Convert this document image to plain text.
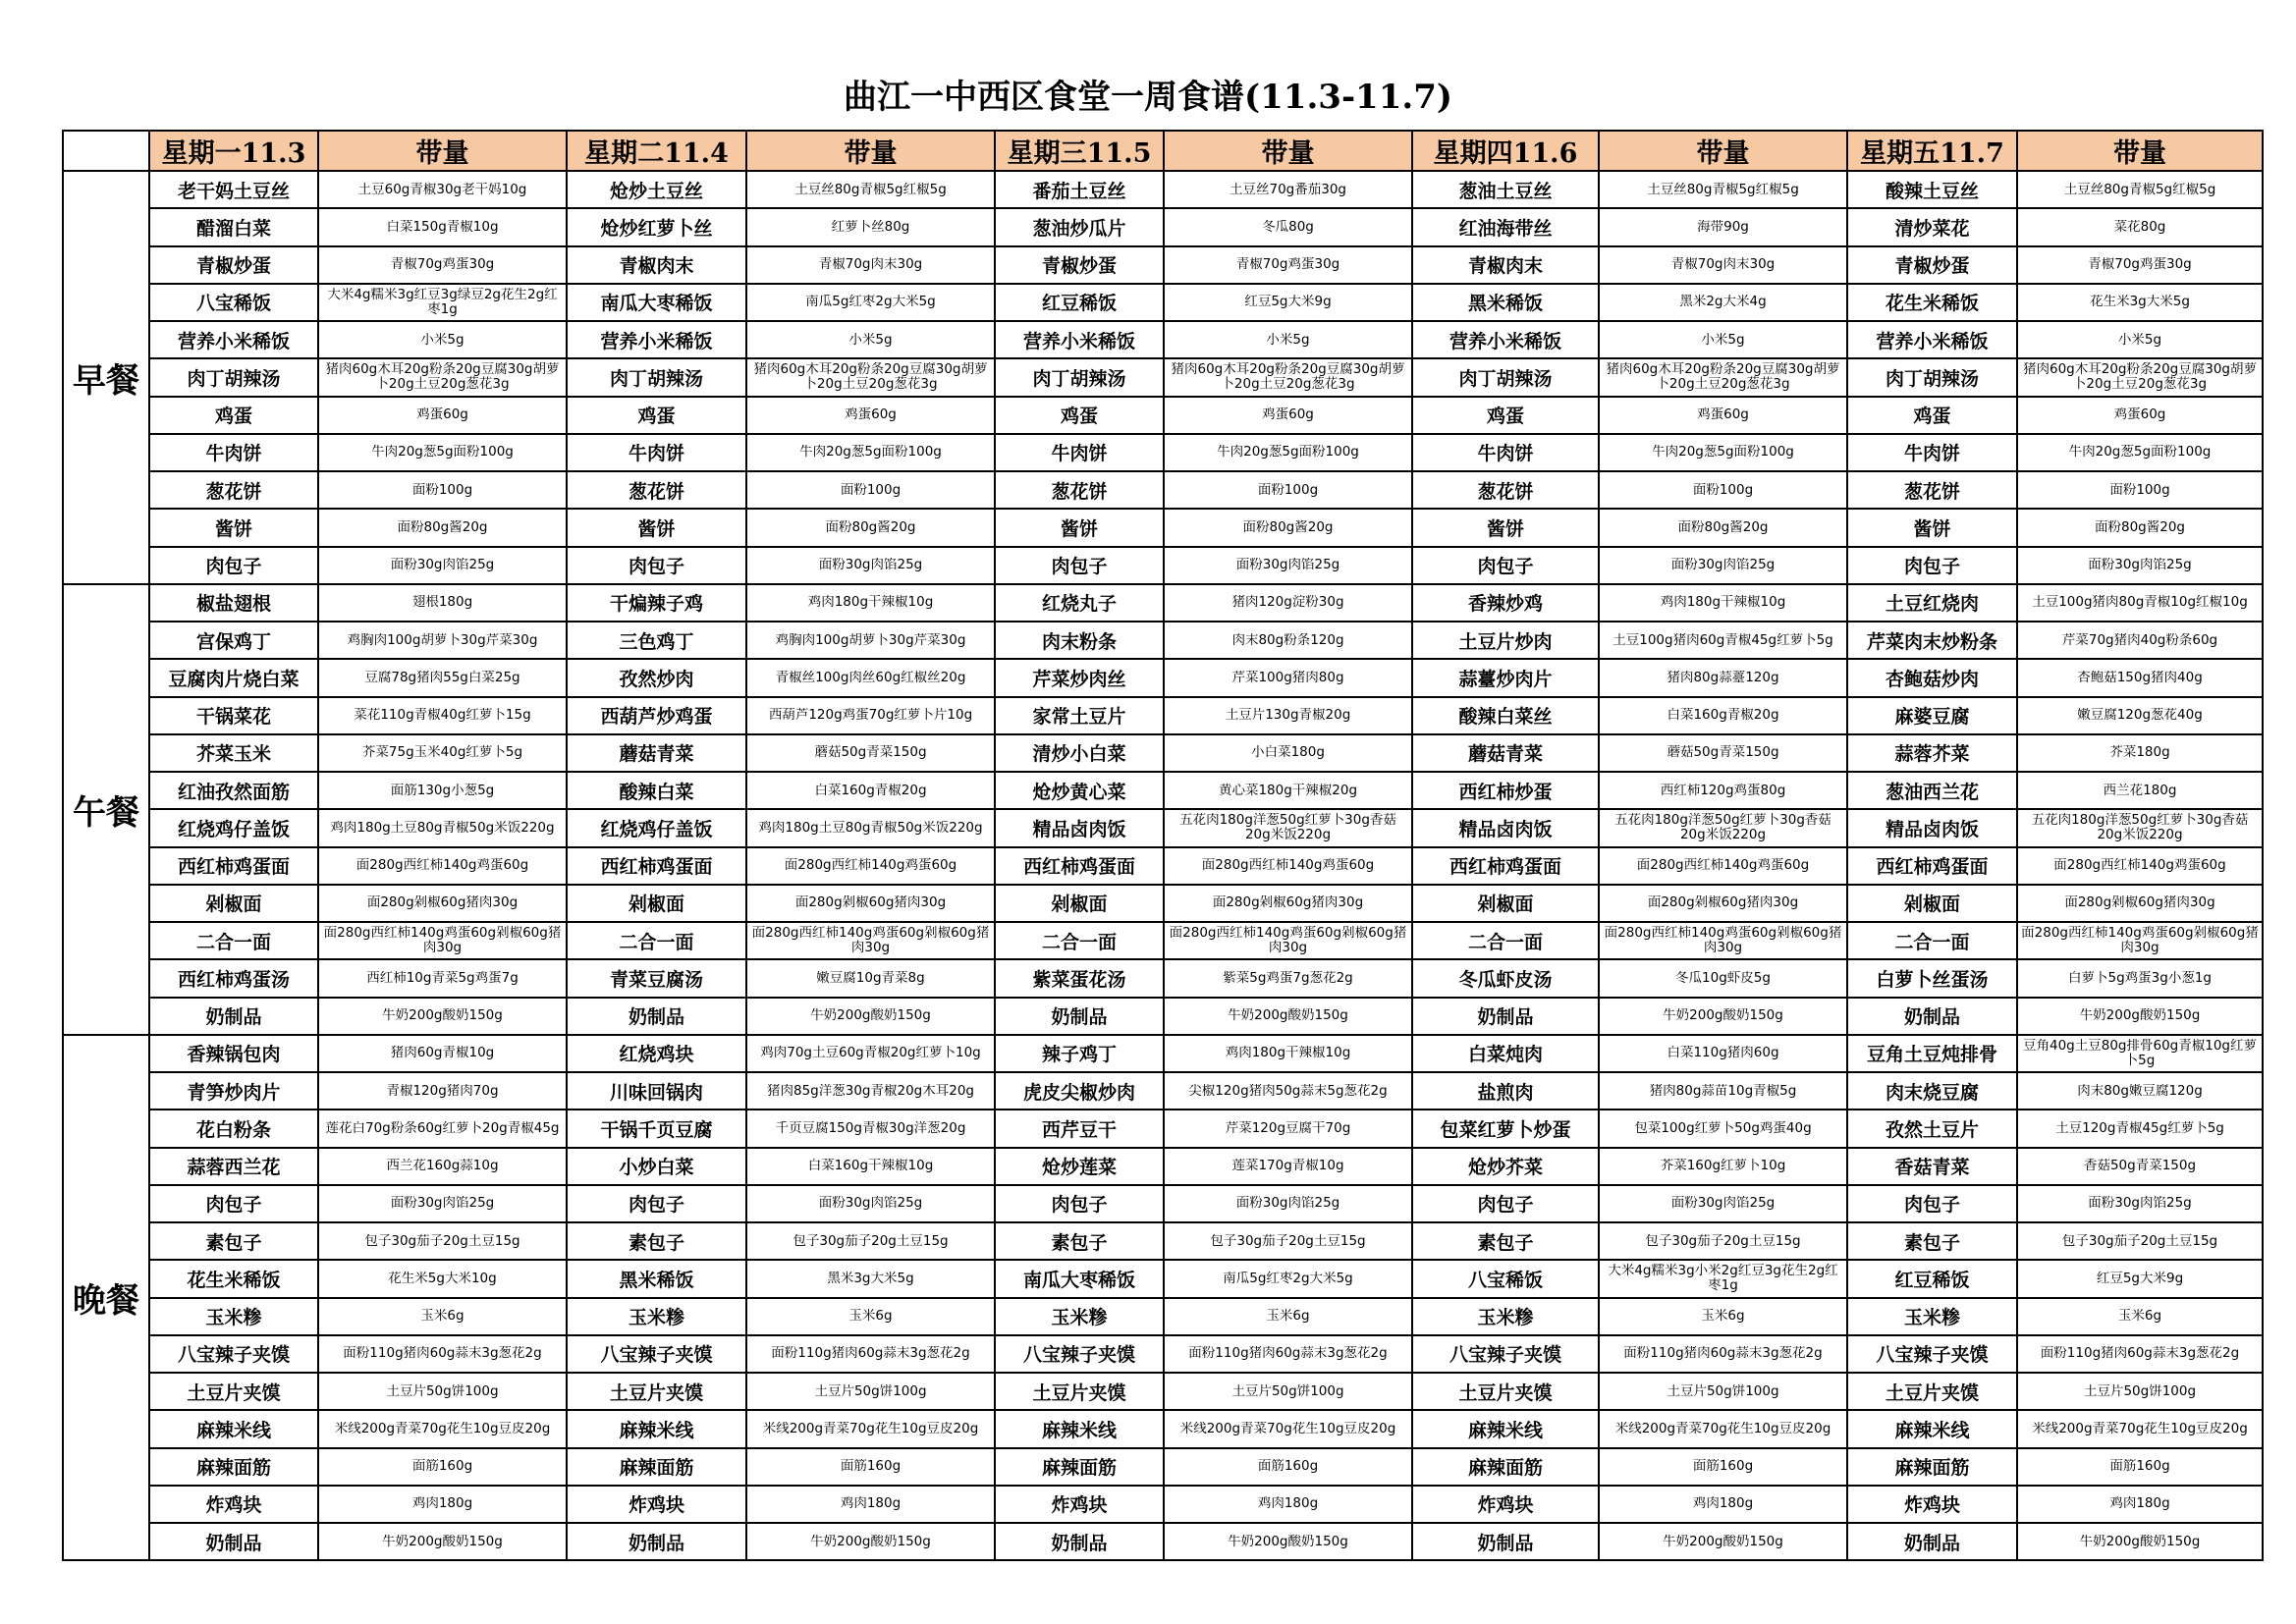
曲江一中西区食堂一周食谱(11.3-11.7)
	星期一11.3	带量	星期二11.4	带量	星期三11.5	带量	星期四11.6	带量	星期五11.7	带量
早餐	老干妈土豆丝	土豆60g青椒30g老干妈10g	炝炒土豆丝	土豆丝80g青椒5g红椒5g	番茄土豆丝	土豆丝70g番茄30g	葱油土豆丝	土豆丝80g青椒5g红椒5g	酸辣土豆丝	土豆丝80g青椒5g红椒5g

	醋溜白菜	白菜150g青椒10g	炝炒红萝卜丝	红萝卜丝80g	葱油炒瓜片	冬瓜80g	红油海带丝	海带90g	清炒菜花	菜花80g

	青椒炒蛋	青椒70g鸡蛋30g	青椒肉末	青椒70g肉末30g	青椒炒蛋	青椒70g鸡蛋30g	青椒肉末	青椒70g肉末30g	青椒炒蛋	青椒70g鸡蛋30g

	八宝稀饭	大米4g糯米3g红豆3g绿豆2g花生2g红枣1g	南瓜大枣稀饭	南瓜5g红枣2g大米5g	红豆稀饭	红豆5g大米9g	黑米稀饭	黑米2g大米4g	花生米稀饭	花生米3g大米5g

	营养小米稀饭	小米5g	营养小米稀饭	小米5g	营养小米稀饭	小米5g	营养小米稀饭	小米5g	营养小米稀饭	小米5g

	肉丁胡辣汤	猪肉60g木耳20g粉条20g豆腐30g胡萝卜20g土豆20g葱花3g	肉丁胡辣汤	猪肉60g木耳20g粉条20g豆腐30g胡萝卜20g土豆20g葱花3g	肉丁胡辣汤	猪肉60g木耳20g粉条20g豆腐30g胡萝卜20g土豆20g葱花3g	肉丁胡辣汤	猪肉60g木耳20g粉条20g豆腐30g胡萝卜20g土豆20g葱花3g	肉丁胡辣汤	猪肉60g木耳20g粉条20g豆腐30g胡萝卜20g土豆20g葱花3g

	鸡蛋	鸡蛋60g	鸡蛋	鸡蛋60g	鸡蛋	鸡蛋60g	鸡蛋	鸡蛋60g	鸡蛋	鸡蛋60g

	牛肉饼	牛肉20g葱5g面粉100g	牛肉饼	牛肉20g葱5g面粉100g	牛肉饼	牛肉20g葱5g面粉100g	牛肉饼	牛肉20g葱5g面粉100g	牛肉饼	牛肉20g葱5g面粉100g

	葱花饼	面粉100g	葱花饼	面粉100g	葱花饼	面粉100g	葱花饼	面粉100g	葱花饼	面粉100g

	酱饼	面粉80g酱20g	酱饼	面粉80g酱20g	酱饼	面粉80g酱20g	酱饼	面粉80g酱20g	酱饼	面粉80g酱20g

	肉包子	面粉30g肉馅25g	肉包子	面粉30g肉馅25g	肉包子	面粉30g肉馅25g	肉包子	面粉30g肉馅25g	肉包子	面粉30g肉馅25g

午餐	椒盐翅根	翅根180g	干煸辣子鸡	鸡肉180g干辣椒10g	红烧丸子	猪肉120g淀粉30g	香辣炒鸡	鸡肉180g干辣椒10g	土豆红烧肉	土豆100g猪肉80g青椒10g红椒10g

	宫保鸡丁	鸡胸肉100g胡萝卜30g芹菜30g	三色鸡丁	鸡胸肉100g胡萝卜30g芹菜30g	肉末粉条	肉末80g粉条120g	土豆片炒肉	土豆100g猪肉60g青椒45g红萝卜5g	芹菜肉末炒粉条	芹菜70g猪肉40g粉条60g

	豆腐肉片烧白菜	豆腐78g猪肉55g白菜25g	孜然炒肉	青椒丝100g肉丝60g红椒丝20g	芹菜炒肉丝	芹菜100g猪肉80g	蒜薹炒肉片	猪肉80g蒜薹120g	杏鲍菇炒肉	杏鲍菇150g猪肉40g

	干锅菜花	菜花110g青椒40g红萝卜15g	西葫芦炒鸡蛋	西葫芦120g鸡蛋70g红萝卜片10g	家常土豆片	土豆片130g青椒20g	酸辣白菜丝	白菜160g青椒20g	麻婆豆腐	嫩豆腐120g葱花40g

	芥菜玉米	芥菜75g玉米40g红萝卜5g	蘑菇青菜	蘑菇50g青菜150g	清炒小白菜	小白菜180g	蘑菇青菜	蘑菇50g青菜150g	蒜蓉芥菜	芥菜180g

	红油孜然面筋	面筋130g小葱5g	酸辣白菜	白菜160g青椒20g	炝炒黄心菜	黄心菜180g干辣椒20g	西红柿炒蛋	西红柿120g鸡蛋80g	葱油西兰花	西兰花180g

	红烧鸡仔盖饭	鸡肉180g土豆80g青椒50g米饭220g	红烧鸡仔盖饭	鸡肉180g土豆80g青椒50g米饭220g	精品卤肉饭	五花肉180g洋葱50g红萝卜30g香菇20g米饭220g	精品卤肉饭	五花肉180g洋葱50g红萝卜30g香菇20g米饭220g	精品卤肉饭	五花肉180g洋葱50g红萝卜30g香菇20g米饭220g

	西红柿鸡蛋面	面280g西红柿140g鸡蛋60g	西红柿鸡蛋面	面280g西红柿140g鸡蛋60g	西红柿鸡蛋面	面280g西红柿140g鸡蛋60g	西红柿鸡蛋面	面280g西红柿140g鸡蛋60g	西红柿鸡蛋面	面280g西红柿140g鸡蛋60g

	剁椒面	面280g剁椒60g猪肉30g	剁椒面	面280g剁椒60g猪肉30g	剁椒面	面280g剁椒60g猪肉30g	剁椒面	面280g剁椒60g猪肉30g	剁椒面	面280g剁椒60g猪肉30g

	二合一面	面280g西红柿140g鸡蛋60g剁椒60g猪肉30g	二合一面	面280g西红柿140g鸡蛋60g剁椒60g猪肉30g	二合一面	面280g西红柿140g鸡蛋60g剁椒60g猪肉30g	二合一面	面280g西红柿140g鸡蛋60g剁椒60g猪肉30g	二合一面	面280g西红柿140g鸡蛋60g剁椒60g猪肉30g

	西红柿鸡蛋汤	西红柿10g青菜5g鸡蛋7g	青菜豆腐汤	嫩豆腐10g青菜8g	紫菜蛋花汤	紫菜5g鸡蛋7g葱花2g	冬瓜虾皮汤	冬瓜10g虾皮5g	白萝卜丝蛋汤	白萝卜5g鸡蛋3g小葱1g

	奶制品	牛奶200g酸奶150g	奶制品	牛奶200g酸奶150g	奶制品	牛奶200g酸奶150g	奶制品	牛奶200g酸奶150g	奶制品	牛奶200g酸奶150g

晚餐	香辣锅包肉	猪肉60g青椒10g	红烧鸡块	鸡肉70g土豆60g青椒20g红萝卜10g	辣子鸡丁	鸡肉180g干辣椒10g	白菜炖肉	白菜110g猪肉60g	豆角土豆炖排骨	豆角40g土豆80g排骨60g青椒10g红萝卜5g

	青笋炒肉片	青椒120g猪肉70g	川味回锅肉	猪肉85g洋葱30g青椒20g木耳20g	虎皮尖椒炒肉	尖椒120g猪肉50g蒜末5g葱花2g	盐煎肉	猪肉80g蒜苗10g青椒5g	肉末烧豆腐	肉末80g嫩豆腐120g

	花白粉条	莲花白70g粉条60g红萝卜20g青椒45g	干锅千页豆腐	千页豆腐150g青椒30g洋葱20g	西芹豆干	芹菜120g豆腐干70g	包菜红萝卜炒蛋	包菜100g红萝卜50g鸡蛋40g	孜然土豆片	土豆120g青椒45g红萝卜5g

	蒜蓉西兰花	西兰花160g蒜10g	小炒白菜	白菜160g干辣椒10g	炝炒莲菜	莲菜170g青椒10g	炝炒芥菜	芥菜160g红萝卜10g	香菇青菜	香菇50g青菜150g

	肉包子	面粉30g肉馅25g	肉包子	面粉30g肉馅25g	肉包子	面粉30g肉馅25g	肉包子	面粉30g肉馅25g	肉包子	面粉30g肉馅25g

	素包子	包子30g茄子20g土豆15g	素包子	包子30g茄子20g土豆15g	素包子	包子30g茄子20g土豆15g	素包子	包子30g茄子20g土豆15g	素包子	包子30g茄子20g土豆15g

	花生米稀饭	花生米5g大米10g	黑米稀饭	黑米3g大米5g	南瓜大枣稀饭	南瓜5g红枣2g大米5g	八宝稀饭	大米4g糯米3g小米2g红豆3g花生2g红枣1g	红豆稀饭	红豆5g大米9g

	玉米糁	玉米6g	玉米糁	玉米6g	玉米糁	玉米6g	玉米糁	玉米6g	玉米糁	玉米6g

	八宝辣子夹馍	面粉110g猪肉60g蒜末3g葱花2g	八宝辣子夹馍	面粉110g猪肉60g蒜末3g葱花2g	八宝辣子夹馍	面粉110g猪肉60g蒜末3g葱花2g	八宝辣子夹馍	面粉110g猪肉60g蒜末3g葱花2g	八宝辣子夹馍	面粉110g猪肉60g蒜末3g葱花2g

	土豆片夹馍	土豆片50g饼100g	土豆片夹馍	土豆片50g饼100g	土豆片夹馍	土豆片50g饼100g	土豆片夹馍	土豆片50g饼100g	土豆片夹馍	土豆片50g饼100g

	麻辣米线	米线200g青菜70g花生10g豆皮20g	麻辣米线	米线200g青菜70g花生10g豆皮20g	麻辣米线	米线200g青菜70g花生10g豆皮20g	麻辣米线	米线200g青菜70g花生10g豆皮20g	麻辣米线	米线200g青菜70g花生10g豆皮20g

	麻辣面筋	面筋160g	麻辣面筋	面筋160g	麻辣面筋	面筋160g	麻辣面筋	面筋160g	麻辣面筋	面筋160g

	炸鸡块	鸡肉180g	炸鸡块	鸡肉180g	炸鸡块	鸡肉180g	炸鸡块	鸡肉180g	炸鸡块	鸡肉180g

	奶制品	牛奶200g酸奶150g	奶制品	牛奶200g酸奶150g	奶制品	牛奶200g酸奶150g	奶制品	牛奶200g酸奶150g	奶制品	牛奶200g酸奶150g
